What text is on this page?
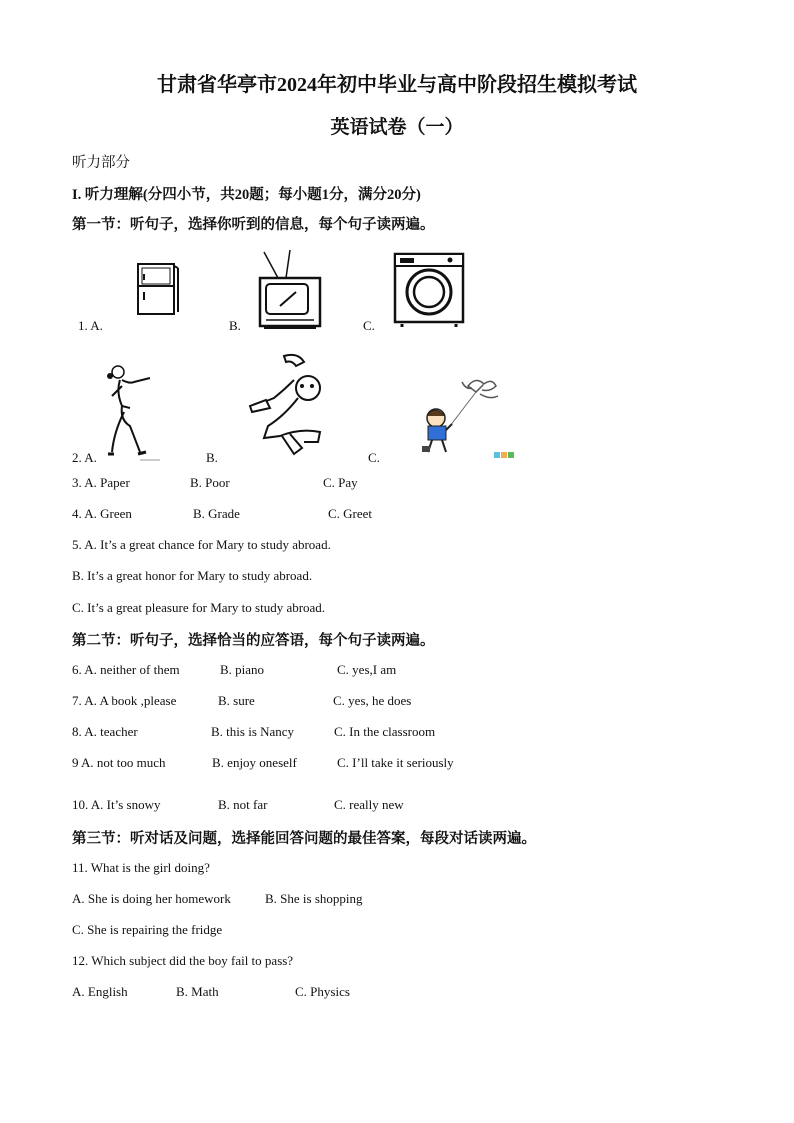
甘肃省华亭市2024年初中毕业与高中阶段招生模拟考试
英语试卷（一）
听力部分
I. 听力理解(分四小节，共20题；每小题1分，满分20分)
第一节：听句子，选择你听到的信息，每个句子读两遍。
1. A.	B.	C.
2. A.	B.	C.
3. A. Paper	B. Poor	C. Pay
4. A. Green	B. Grade	C. Greet
5. A. It’s a great chance for Mary to study abroad.
B. It’s a great honor for Mary to study abroad.
C. It’s a great pleasure for Mary to study abroad.
第二节：听句子，选择恰当的应答语，每个句子读两遍。
6. A. neither of them	B. piano	C. yes,I am
7. A. A book ,please	B. sure	C. yes, he does
8. A. teacher	B. this is Nancy	C. In the classroom
9 A. not too much	B. enjoy oneself	C. I’ll take it seriously
10. A. It’s snowy	B. not far	C. really new
第三节：听对话及问题，选择能回答问题的最佳答案，每段对话读两遍。
11. What is the girl doing?
A. She is doing her homework	B. She is shopping
C. She is repairing the fridge
12. Which subject did the boy fail to pass?
A. English	B. Math	C. Physics
